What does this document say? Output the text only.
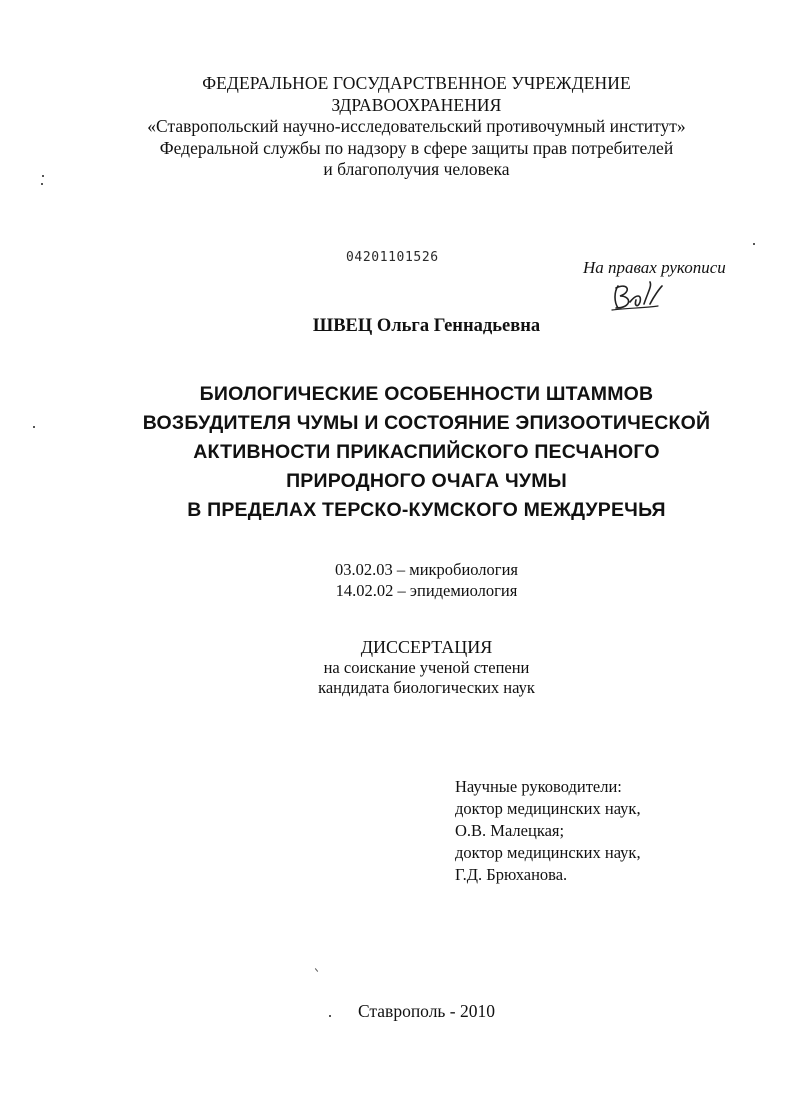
ФЕДЕРАЛЬНОЕ ГОСУДАРСТВЕННОЕ УЧРЕЖДЕНИЕ
ЗДРАВООХРАНЕНИЯ
«Ставропольский научно-исследовательский противочумный институт»
Федеральной службы по надзору в сфере защиты прав потребителей
и благополучия человека
04201101526
На правах рукописи
ШВЕЦ Ольга Геннадьевна
БИОЛОГИЧЕСКИЕ ОСОБЕННОСТИ ШТАММОВ
ВОЗБУДИТЕЛЯ ЧУМЫ И СОСТОЯНИЕ ЭПИЗООТИЧЕСКОЙ
АКТИВНОСТИ ПРИКАСПИЙСКОГО ПЕСЧАНОГО
ПРИРОДНОГО ОЧАГА ЧУМЫ
В ПРЕДЕЛАХ ТЕРСКО-КУМСКОГО МЕЖДУРЕЧЬЯ
03.02.03 – микробиология
14.02.02 – эпидемиология
ДИССЕРТАЦИЯ
на соискание ученой степени
кандидата биологических наук
Научные руководители:
доктор медицинских наук,
О.В. Малецкая;
доктор медицинских наук,
Г.Д. Брюханова.
Ставрополь - 2010
